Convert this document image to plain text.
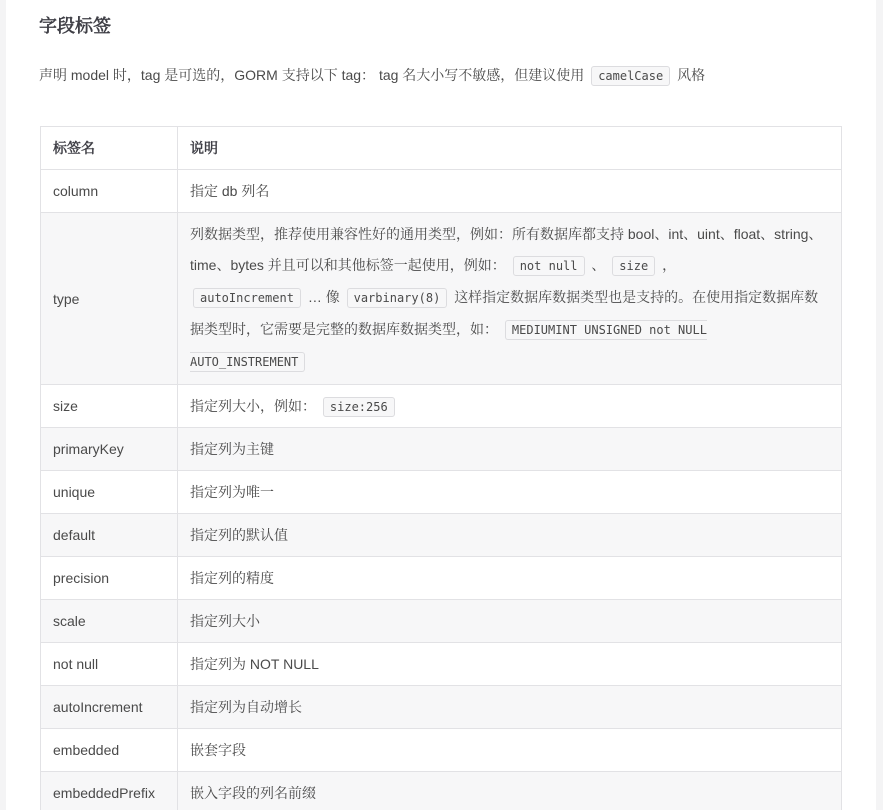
字段标签

声明 model 时，tag 是可选的，GORM 支持以下 tag： tag 名大小写不敏感，但建议使用 camelCase 风格

标签名	说明
column	指定 db 列名
type	列数据类型，推荐使用兼容性好的通用类型，例如：所有数据库都支持 bool、int、uint、float、string、time、bytes 并且可以和其他标签一起使用，例如： not null 、 size ，
autoIncrement … 像 varbinary(8) 这样指定数据库数据类型也是支持的。在使用指定数据库数据类型时，它需要是完整的数据库数据类型，如： MEDIUMINT UNSIGNED not NULL AUTO_INSTREMENT
size	指定列大小，例如： size:256
primaryKey	指定列为主键
unique	指定列为唯一
default	指定列的默认值
precision	指定列的精度
scale	指定列大小
not null	指定列为 NOT NULL
autoIncrement	指定列为自动增长
embedded	嵌套字段
embeddedPrefix	嵌入字段的列名前缀
